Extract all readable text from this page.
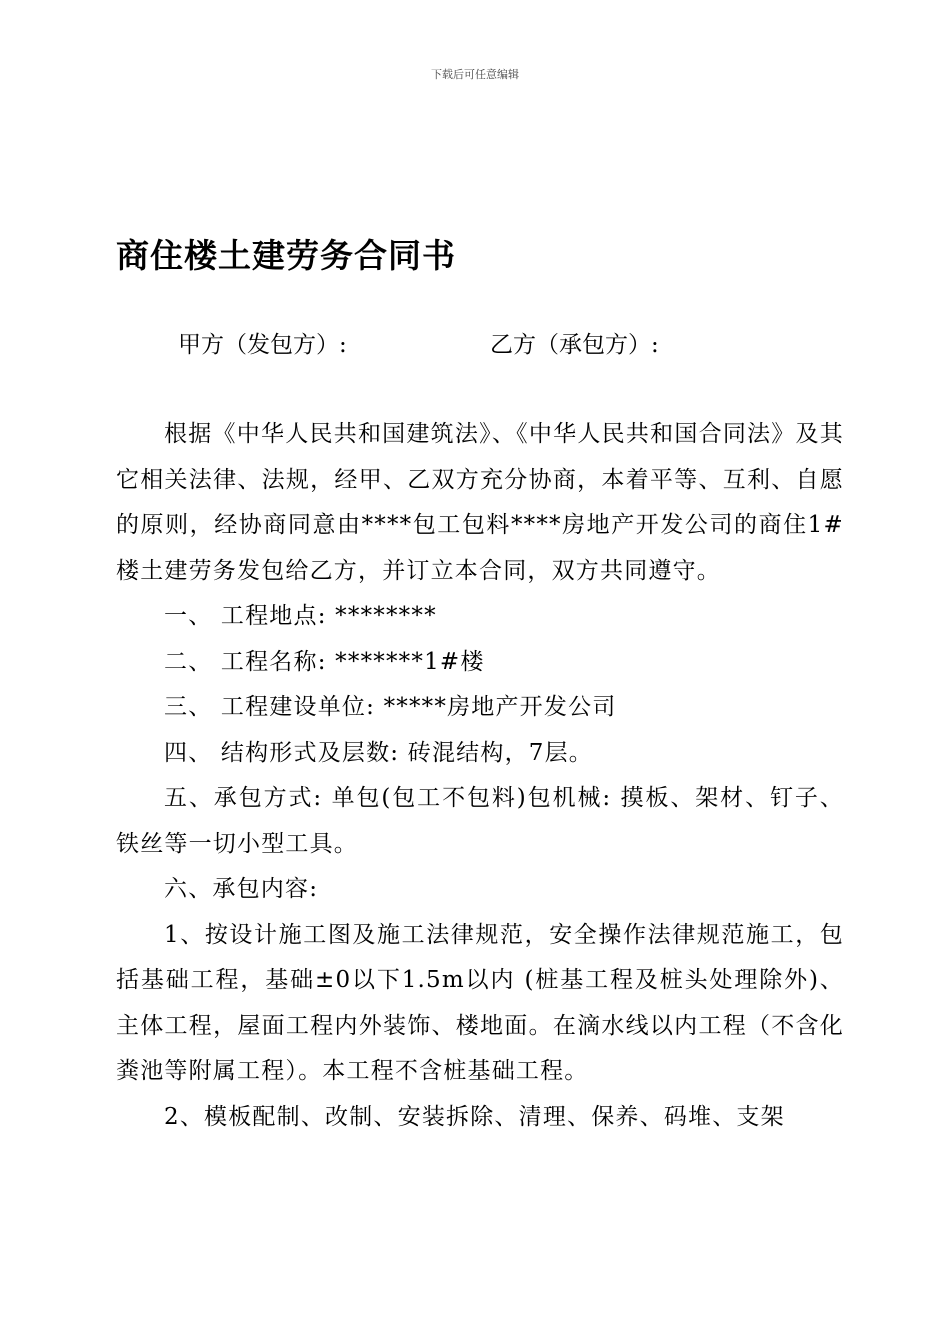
下载后可任意编辑
商住楼土建劳务合同书
甲方（发包方）:	乙方（承包方）:

根据《中华人民共和国建筑法》、《中华人民共和国合同法》及其它相关法律、法规，经甲、乙双方充分协商，本着平等、互利、自愿的原则，经协商同意由****包工包料****房地产开发公司的商住1#楼土建劳务发包给乙方，并订立本合同，双方共同遵守。

一、 工程地点: ********

二、 工程名称: *******1#楼

三、 工程建设单位: *****房地产开发公司

四、 结构形式及层数: 砖混结构，7层。

五、承包方式: 单包(包工不包料)包机械: 摸板、架材、钉子、铁丝等一切小型工具。

六、承包内容:

1、按设计施工图及施工法律规范，安全操作法律规范施工，包括基础工程，基础±0以下1.5m以内 (桩基工程及桩头处理除外)、主体工程，屋面工程内外装饰、楼地面。在滴水线以内工程（不含化粪池等附属工程）。本工程不含桩基础工程。

2、模板配制、改制、安装拆除、清理、保养、码堆、支架
